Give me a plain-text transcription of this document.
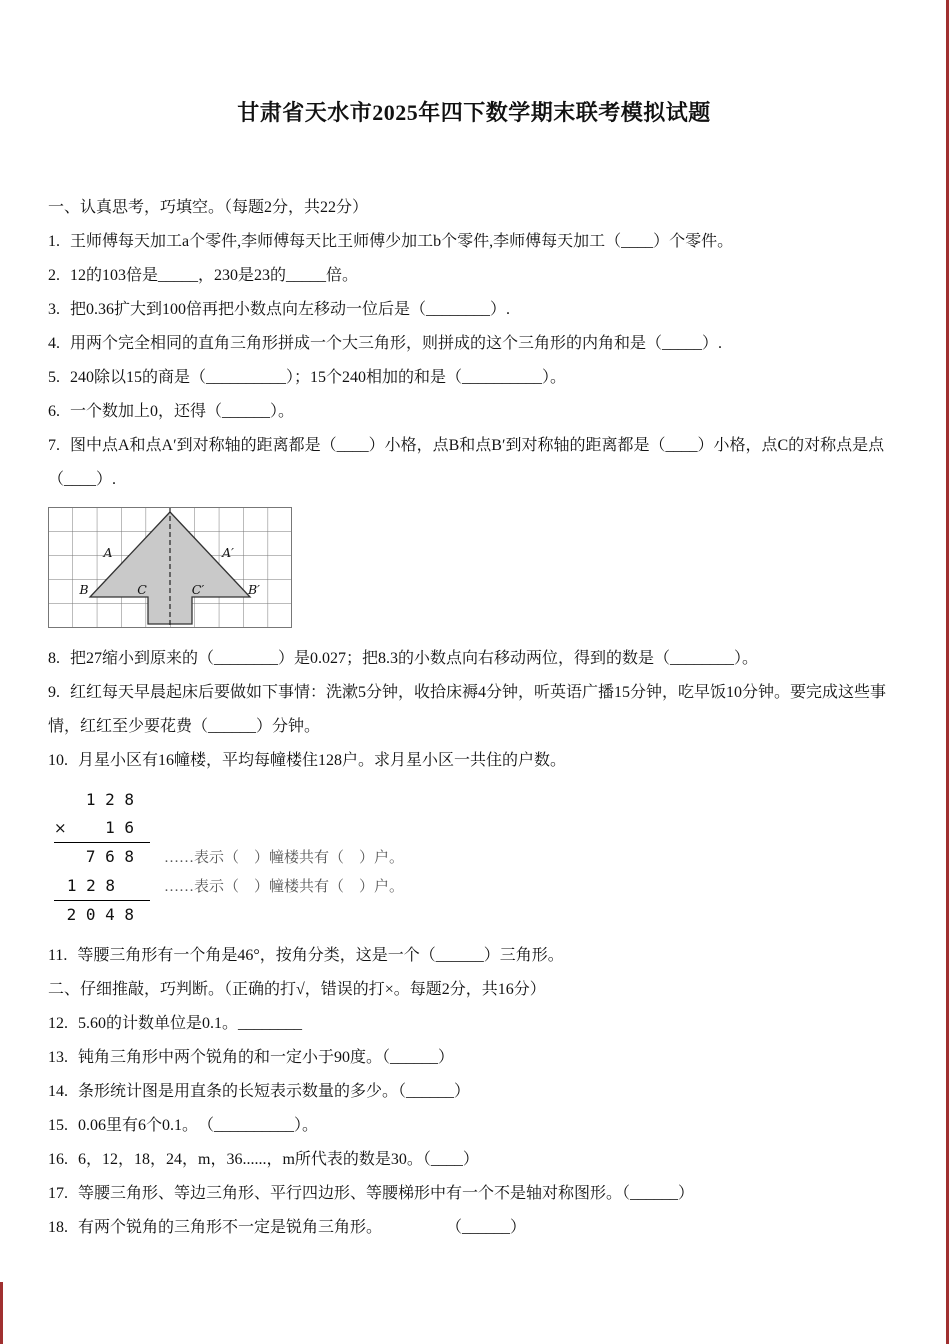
甘肃省天水市2025年四下数学期末联考模拟试题
一、认真思考，巧填空。（每题2分，共22分）
1. 王师傅每天加工a个零件,李师傅每天比王师傅少加工b个零件,李师傅每天加工（____）个零件。
2. 12的103倍是_____，230是23的_____倍。
3. 把0.36扩大到100倍再把小数点向左移动一位后是（________）.
4. 用两个完全相同的直角三角形拼成一个大三角形，则拼成的这个三角形的内角和是（_____）.
5. 240除以15的商是（__________）；15个240相加的和是（__________）。
6. 一个数加上0，还得（______）。
7. 图中点A和点A′到对称轴的距离都是（____）小格，点B和点B′到对称轴的距离都是（____）小格，点C的对称点是点（____）.
A	A′
B	C	C′	B′
8. 把27缩小到原来的（________）是0.027；把8.3的小数点向右移动两位，得到的数是（________）。
9. 红红每天早晨起床后要做如下事情：洗漱5分钟，收拾床褥4分钟，听英语广播15分钟，吃早饭10分钟。要完成这些事情，红红至少要花费（______）分钟。
10. 月星小区有16幢楼，平均每幢楼住128户。求月星小区一共住的户数。
1 2 8
×	1 6
7 6 8 ……表示（　）幢楼共有（　）户。
1 2 8	……表示（　）幢楼共有（　）户。
2 0 4 8
11. 等腰三角形有一个角是46°，按角分类，这是一个（______）三角形。
二、仔细推敲，巧判断。（正确的打√，错误的打×。每题2分，共16分）
12. 5.60的计数单位是0.1。________
13. 钝角三角形中两个锐角的和一定小于90度。（______）
14. 条形统计图是用直条的长短表示数量的多少。（______）
15. 0.06里有6个0.1。　（__________）。
16. 6，12，18，24，m，36......，m所代表的数是30。（____）
17. 等腰三角形、等边三角形、平行四边形、等腰梯形中有一个不是轴对称图形。（______）
18. 有两个锐角的三角形不一定是锐角三角形。　　　　　（______）
